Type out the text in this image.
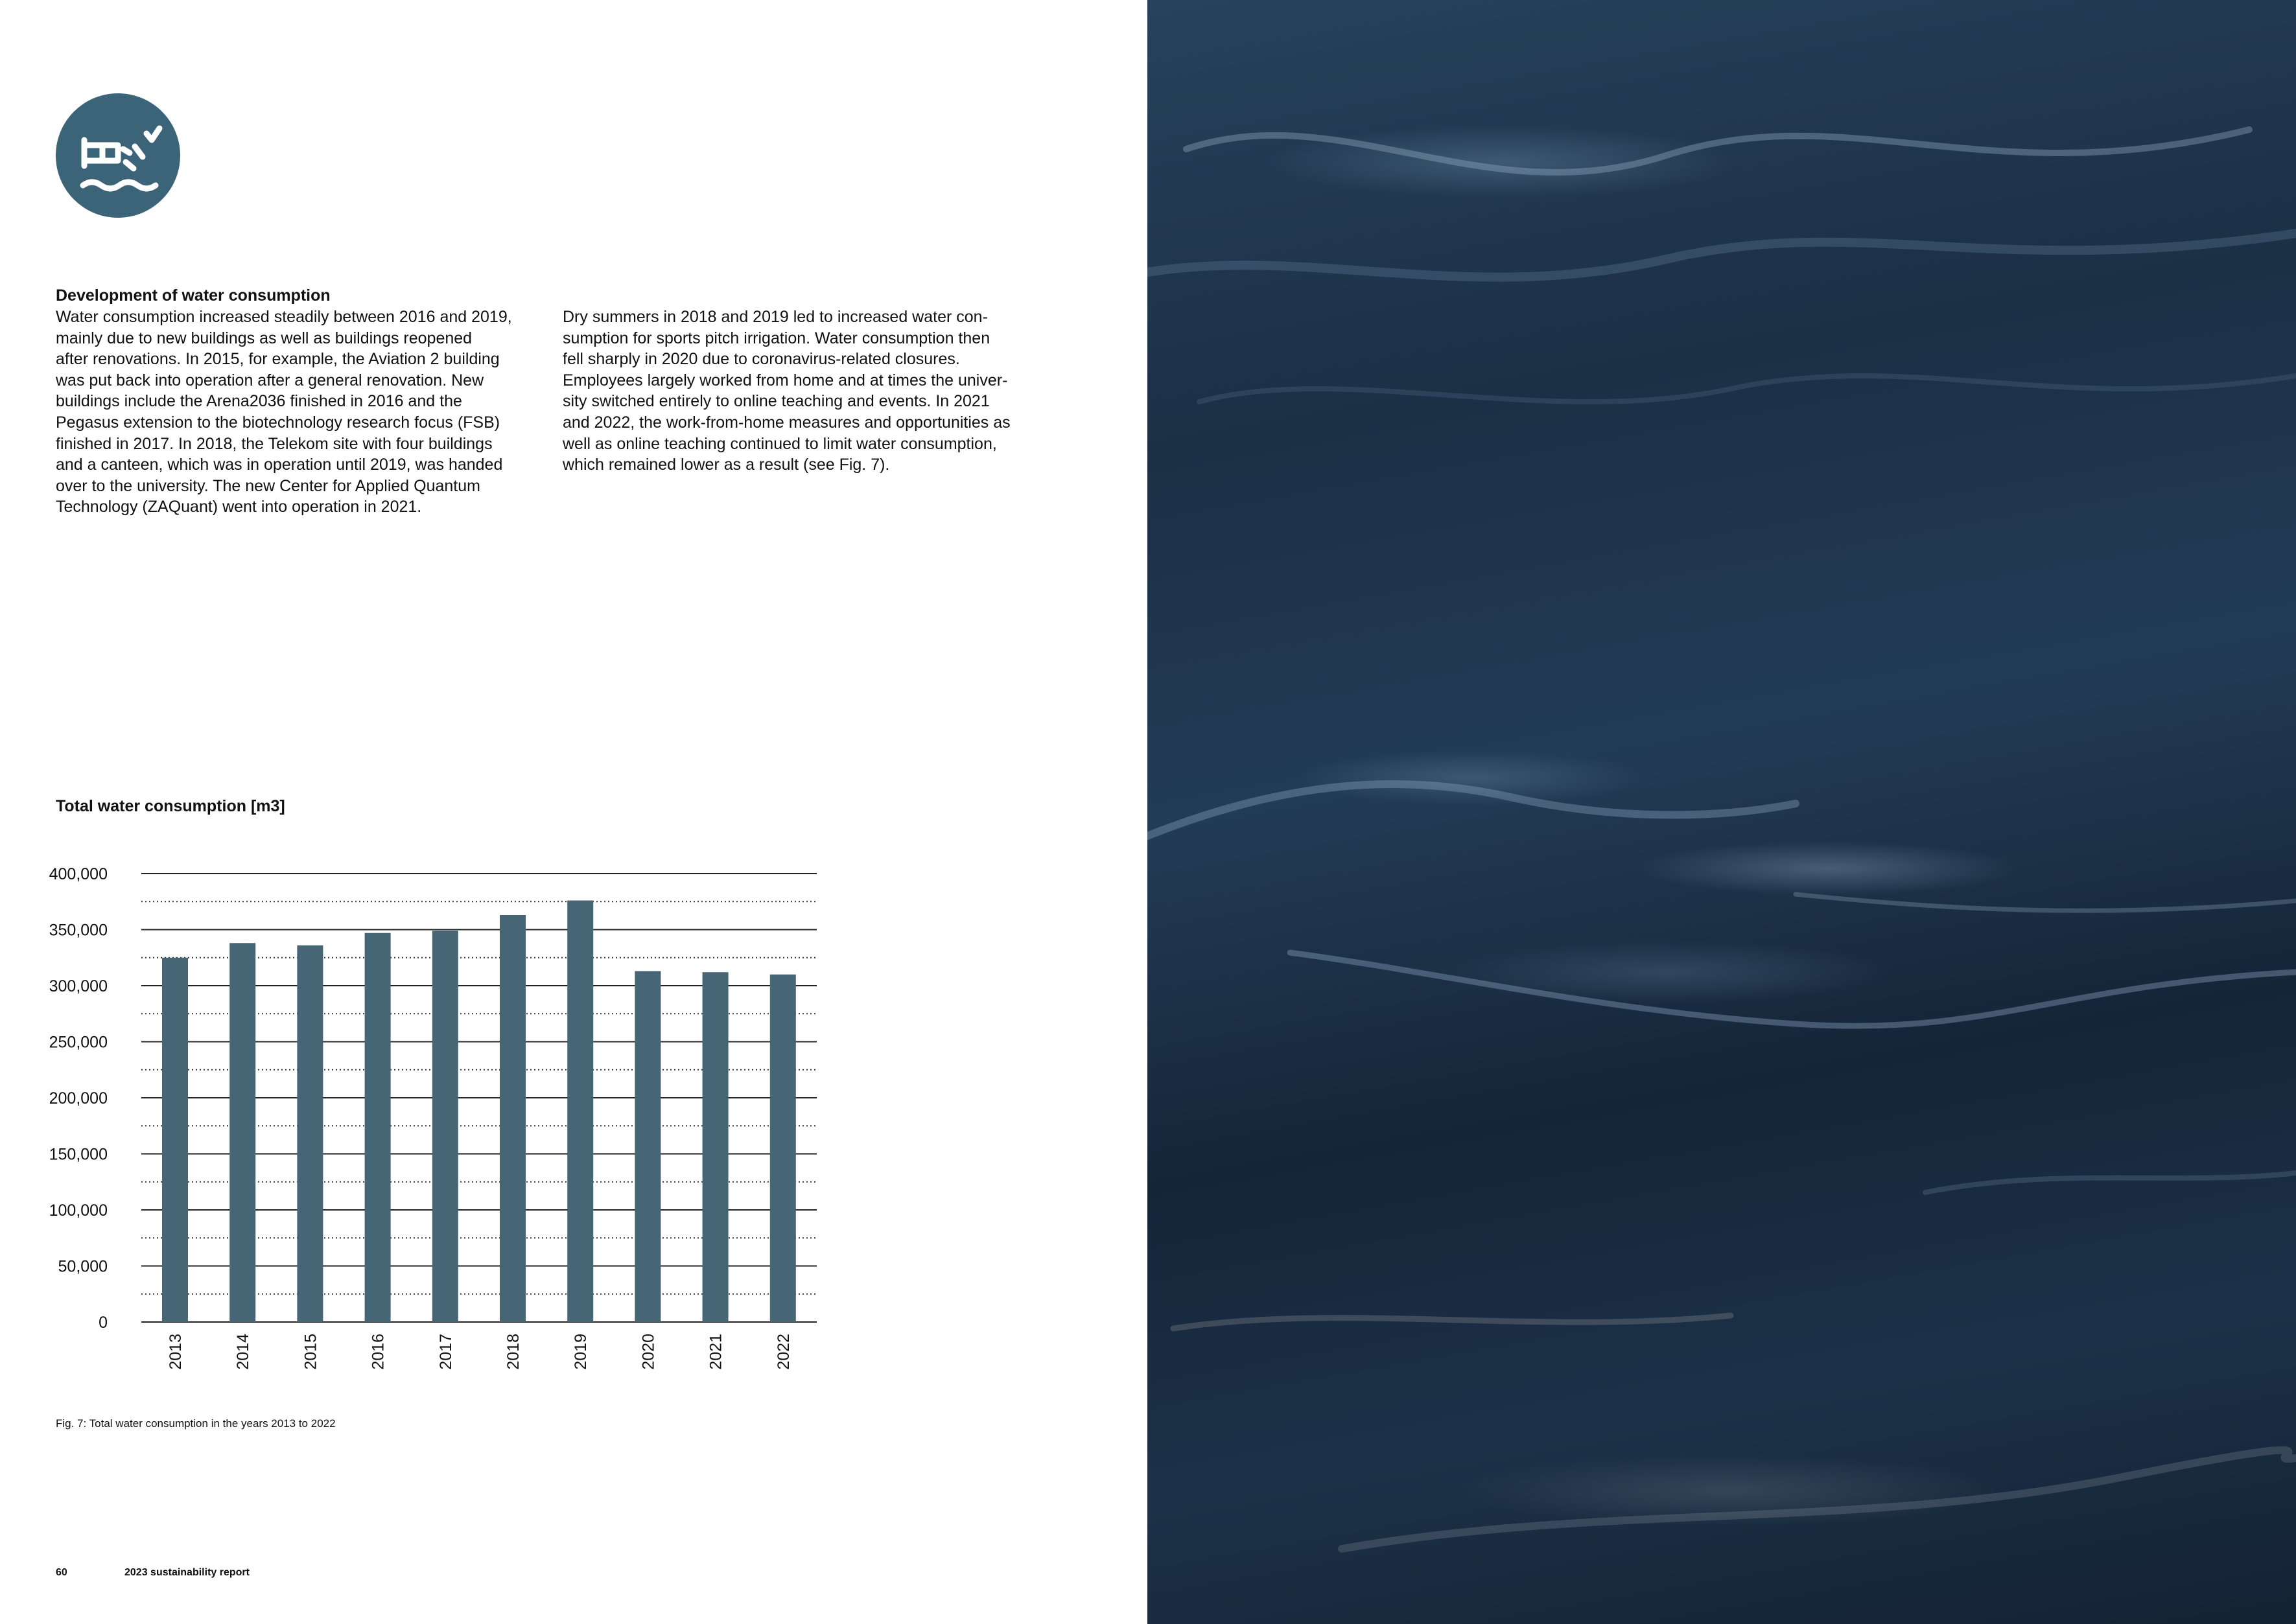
Development of water consumption
Water consumption increased steadily between 2016 and 2019,
mainly due to new buildings as well as buildings reopened
after renovations. In 2015, for example, the Aviation 2 building
was put back into operation after a general renovation. New
buildings include the Arena2036 finished in 2016 and the
Pegasus extension to the biotechnology research focus (FSB)
finished in 2017. In 2018, the Telekom site with four buildings
and a canteen, which was in operation until 2019, was handed
over to the university. The new Center for Applied Quantum
Technology (ZAQuant) went into operation in 2021.
Dry summers in 2018 and 2019 led to increased water con-
sumption for sports pitch irrigation. Water consumption then
fell sharply in 2020 due to coronavirus-related closures.
Employees largely worked from home and at times the univer-
sity switched entirely to online teaching and events. In 2021
and 2022, the work-from-home measures and opportunities as
well as online teaching continued to limit water consumption,
which remained lower as a result (see Fig. 7).
Total water consumption [m3]
0
50,000
100,000
150,000
200,000
250,000
300,000
350,000
400,000
2013	2014	2015	2016	2017	2018	2019	2020	2021	2022
Fig. 7: Total water consumption in the years 2013 to 2022
60	2023 sustainability report
